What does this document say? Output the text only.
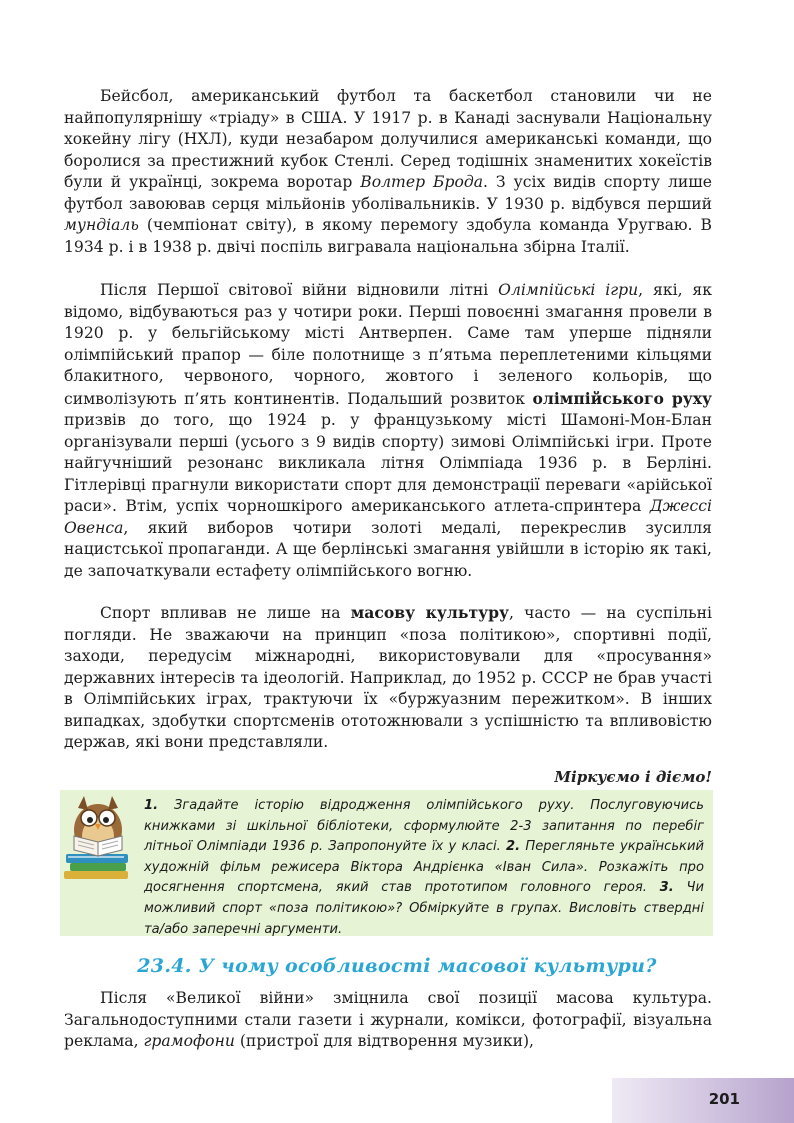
Бейсбол, американський футбол та баскетбол становили чи не найпопулярнішу «тріаду» в США. У 1917 р. в Канаді заснували Національну хокейну лігу (НХЛ), куди незабаром долучилися американські команди, що боролися за престижний кубок Стенлі. Серед тодішніх знаменитих хокеїстів були й українці, зокрема воротар Волтер Брода. З усіх видів спорту лише футбол завоював серця мільйонів уболівальників. У 1930 р. відбувся перший мундіаль (чемпіонат світу), в якому перемогу здобула команда Уругваю. В 1934 р. і в 1938 р. двічі поспіль вигравала національна збірна Італії.

Після Першої світової війни відновили літні Олімпійські ігри, які, як відомо, відбуваються раз у чотири роки. Перші повоєнні змагання провели в 1920 р. у бельгійському місті Антверпен. Саме там уперше підняли олімпійський прапор — біле полотнище з п’ятьма переплетеними кільцями блакитного, червоного, чорного, жовтого і зеленого кольорів, що символізують п’ять континентів. Подальший розвиток олімпійського руху призвів до того, що 1924 р. у французькому місті Шамоні-Мон-Блан організували перші (усього з 9 видів спорту) зимові Олімпійські ігри. Проте найгучніший резонанс викликала літня Олімпіада 1936 р. в Берліні. Гітлерівці прагнули використати спорт для демонстрації переваги «арійської раси». Втім, успіх чорношкірого американського атлета-спринтера Джессі Овенса, який виборов чотири золоті медалі, перекреслив зусилля нацистської пропаганди. А ще берлінські змагання увійшли в історію як такі, де започаткували естафету олімпійського вогню.

Спорт впливав не лише на масову культуру, часто — на суспільні погляди. Не зважаючи на принцип «поза політикою», спортивні події, заходи, передусім міжнародні, використовували для «просування» державних інтересів та ідеологій. Наприклад, до 1952 р. СССР не брав участі в Олімпійських іграх, трактуючи їх «буржуазним пережитком». В інших випадках, здобутки спортсменів ототожнювали з успішністю та впливовістю держав, які вони представляли.

Міркуємо і діємо!

1. Згадайте історію відродження олімпійського руху. Послуговуючись книжками зі шкільної бібліотеки, сформулюйте 2-3 запитання по перебіг літньої Олімпіади 1936 р. Запропонуйте їх у класі. 2. Перегляньте український художній фільм режисера Віктора Андрієнка «Іван Сила». Розкажіть про досягнення спортсмена, який став прототипом головного героя. 3. Чи можливий спорт «поза політикою»? Обміркуйте в групах. Висловіть ствердні та/або заперечні аргументи.

23.4. У чому особливості масової культури?

Після «Великої війни» зміцнила свої позиції масова культура. Загальнодоступними стали газети і журнали, комікси, фотографії, візуальна реклама, грамофони (пристрої для відтворення музики),

201
